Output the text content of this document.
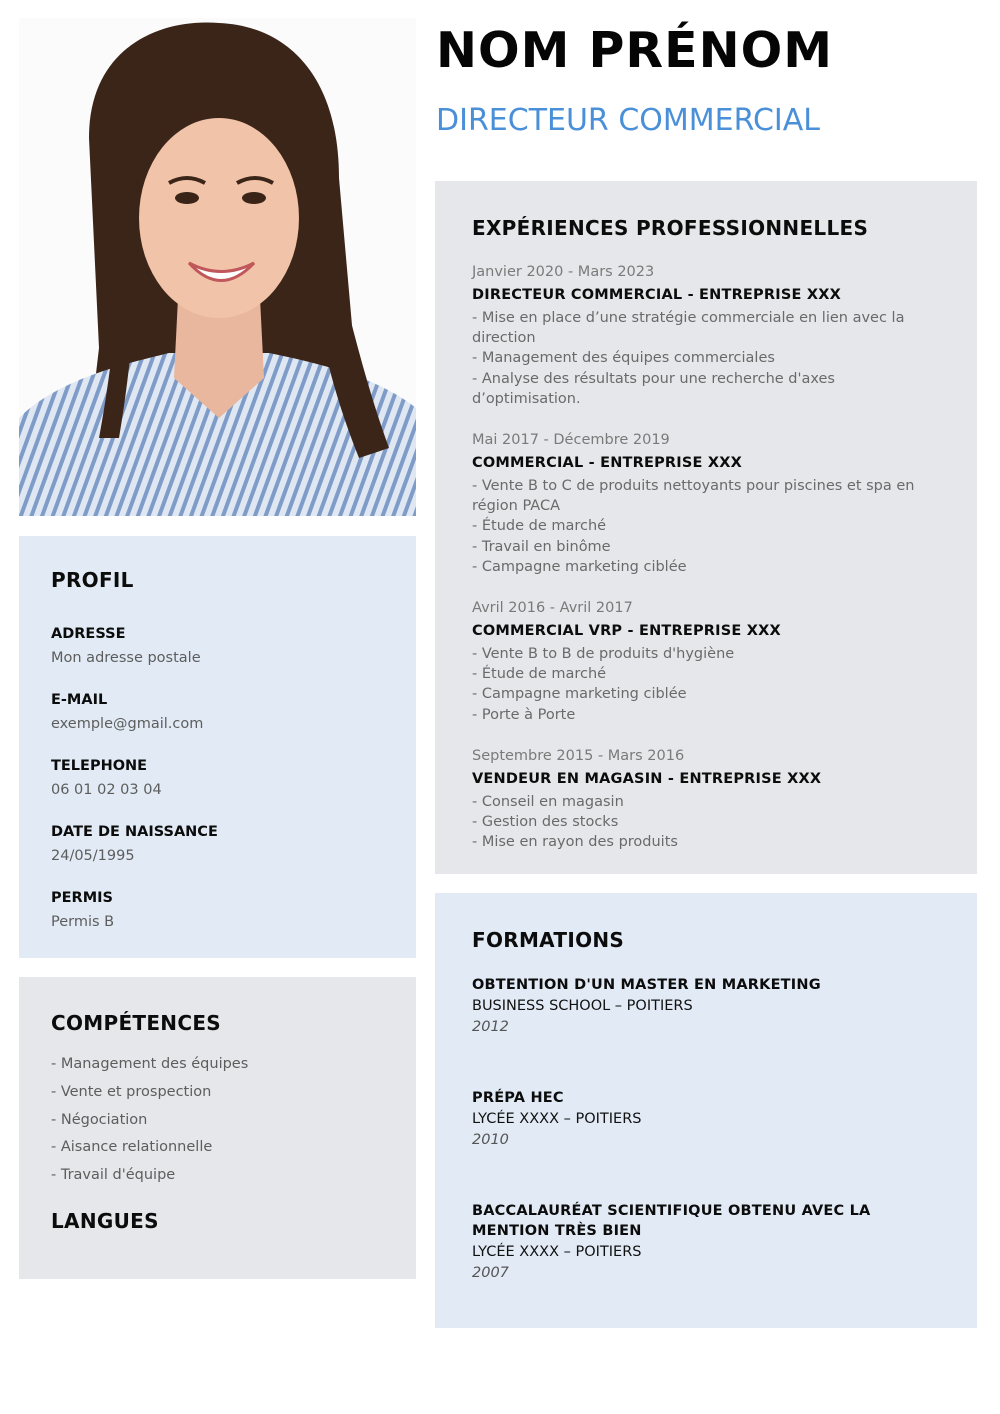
NOM PRÉNOM
DIRECTEUR COMMERCIAL
PROFIL
ADRESSE
Mon adresse postale
E-MAIL
exemple@gmail.com
TELEPHONE
06 01 02 03 04
DATE DE NAISSANCE
24/05/1995
PERMIS
Permis B
COMPÉTENCES
- Management des équipes
- Vente et prospection
- Négociation
- Aisance relationnelle
- Travail d'équipe
LANGUES
EXPÉRIENCES PROFESSIONNELLES
Janvier 2020 - Mars 2023
DIRECTEUR COMMERCIAL - ENTREPRISE XXX
- Mise en place d’une stratégie commerciale en lien avec la direction
- Management des équipes commerciales
- Analyse des résultats pour une recherche d'axes d’optimisation.
Mai 2017 - Décembre 2019
COMMERCIAL - ENTREPRISE XXX
- Vente B to C de produits nettoyants pour piscines et spa en région PACA
- Étude de marché
- Travail en binôme
- Campagne marketing ciblée
Avril 2016 - Avril 2017
COMMERCIAL VRP - ENTREPRISE XXX
- Vente B to B de produits d'hygiène
- Étude de marché
- Campagne marketing ciblée
- Porte à Porte
Septembre 2015 - Mars 2016
VENDEUR EN MAGASIN - ENTREPRISE XXX
- Conseil en magasin
- Gestion des stocks
- Mise en rayon des produits
FORMATIONS
OBTENTION D'UN MASTER EN MARKETING
BUSINESS SCHOOL – POITIERS
2012
PRÉPA HEC
LYCÉE XXXX – POITIERS
2010
BACCALAURÉAT SCIENTIFIQUE OBTENU AVEC LA MENTION TRÈS BIEN
LYCÉE XXXX – POITIERS
2007
